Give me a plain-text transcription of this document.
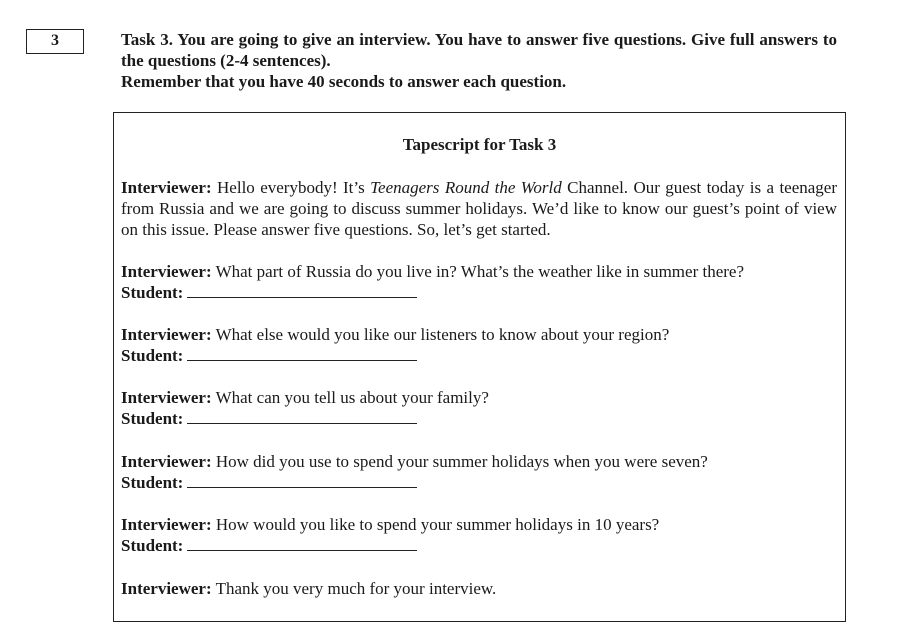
3	Task 3. You are going to give an interview. You have to answer five questions. Give full answers to the questions (2-4 sentences).

Remember that you have 40 seconds to answer each question.

Tapescript for Task 3

Interviewer: Hello everybody! It’s Teenagers Round the World Channel. Our guest today is a teenager from Russia and we are going to discuss summer holidays. We’d like to know our guest’s point of view on this issue. Please answer five questions. So, let’s get started.

Interviewer: What part of Russia do you live in? What’s the weather like in summer there?
Student:
Interviewer: What else would you like our listeners to know about your region?
Student:
Interviewer: What can you tell us about your family?
Student:
Interviewer: How did you use to spend your summer holidays when you were seven?
Student:
Interviewer: How would you like to spend your summer holidays in 10 years?
Student:
Interviewer: Thank you very much for your interview.
